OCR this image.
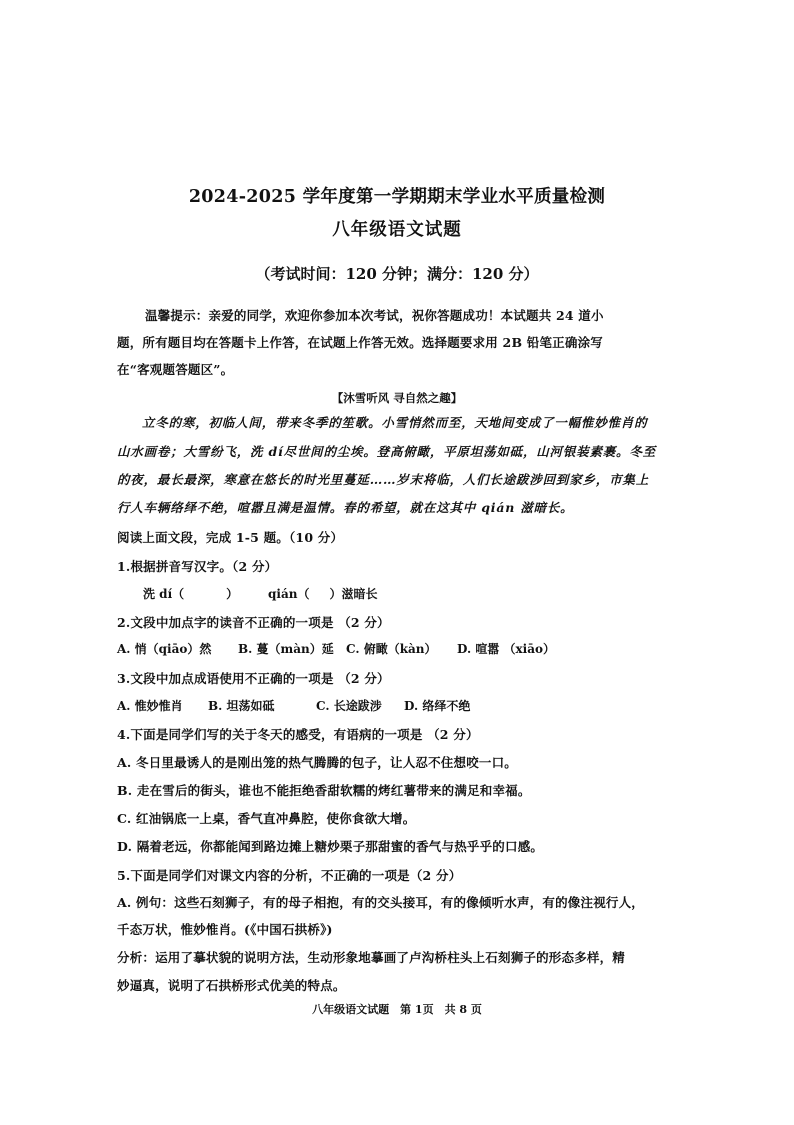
2024-2025 学年度第一学期期末学业水平质量检测
八年级语文试题
（考试时间：120 分钟；满分：120 分）
温馨提示：亲爱的同学，欢迎你参加本次考试，祝你答题成功！本试题共 24 道小
题，所有题目均在答题卡上作答，在试题上作答无效。选择题要求用 2B 铅笔正确涂写
在“客观题答题区”。
【沐雪听风 寻自然之趣】
立冬的寒，初临人间，带来冬季的笙歌。小雪悄然而至，天地间变成了一幅惟妙惟肖的
山水画卷；大雪纷飞，洗 dí尽世间的尘埃。登高俯瞰，平原坦荡如砥，山河银装素裹。冬至
的夜，最长最深，寒意在悠长的时光里蔓延……岁末将临，人们长途跋涉回到家乡，市集上
行人车辆络绎不绝，喧嚣且满是温情。春的希望，就在这其中 qián 滋暗长。
阅读上面文段，完成 1-5 题。（10 分）
1.根据拼音写汉字。（2 分）
洗 dí（	） qián（ ）滋暗长
2.文段中加点字的读音不正确的一项是 （2 分）
A. 悄（qiāo）然 B. 蔓（màn）延 C. 俯瞰（kàn） D. 喧嚣 （xiāo）
3.文段中加点成语使用不正确的一项是 （2 分）
A. 惟妙惟肖 B. 坦荡如砥	C. 长途跋涉 D. 络绎不绝
4.下面是同学们写的关于冬天的感受，有语病的一项是 （2 分）
A. 冬日里最诱人的是刚出笼的热气腾腾的包子，让人忍不住想咬一口。
B. 走在雪后的街头，谁也不能拒绝香甜软糯的烤红薯带来的满足和幸福。
C. 红油锅底一上桌，香气直冲鼻腔，使你食欲大增。
D. 隔着老远，你都能闻到路边摊上糖炒栗子那甜蜜的香气与热乎乎的口感。
5.下面是同学们对课文内容的分析，不正确的一项是（2 分）
A. 例句：这些石刻狮子，有的母子相抱，有的交头接耳，有的像倾听水声，有的像注视行人，
千态万状，惟妙惟肖。(《中国石拱桥》)
分析：运用了摹状貌的说明方法，生动形象地摹画了卢沟桥柱头上石刻狮子的形态多样，精
妙逼真，说明了石拱桥形式优美的特点。
八年级语文试题　第 1页　共 8 页
